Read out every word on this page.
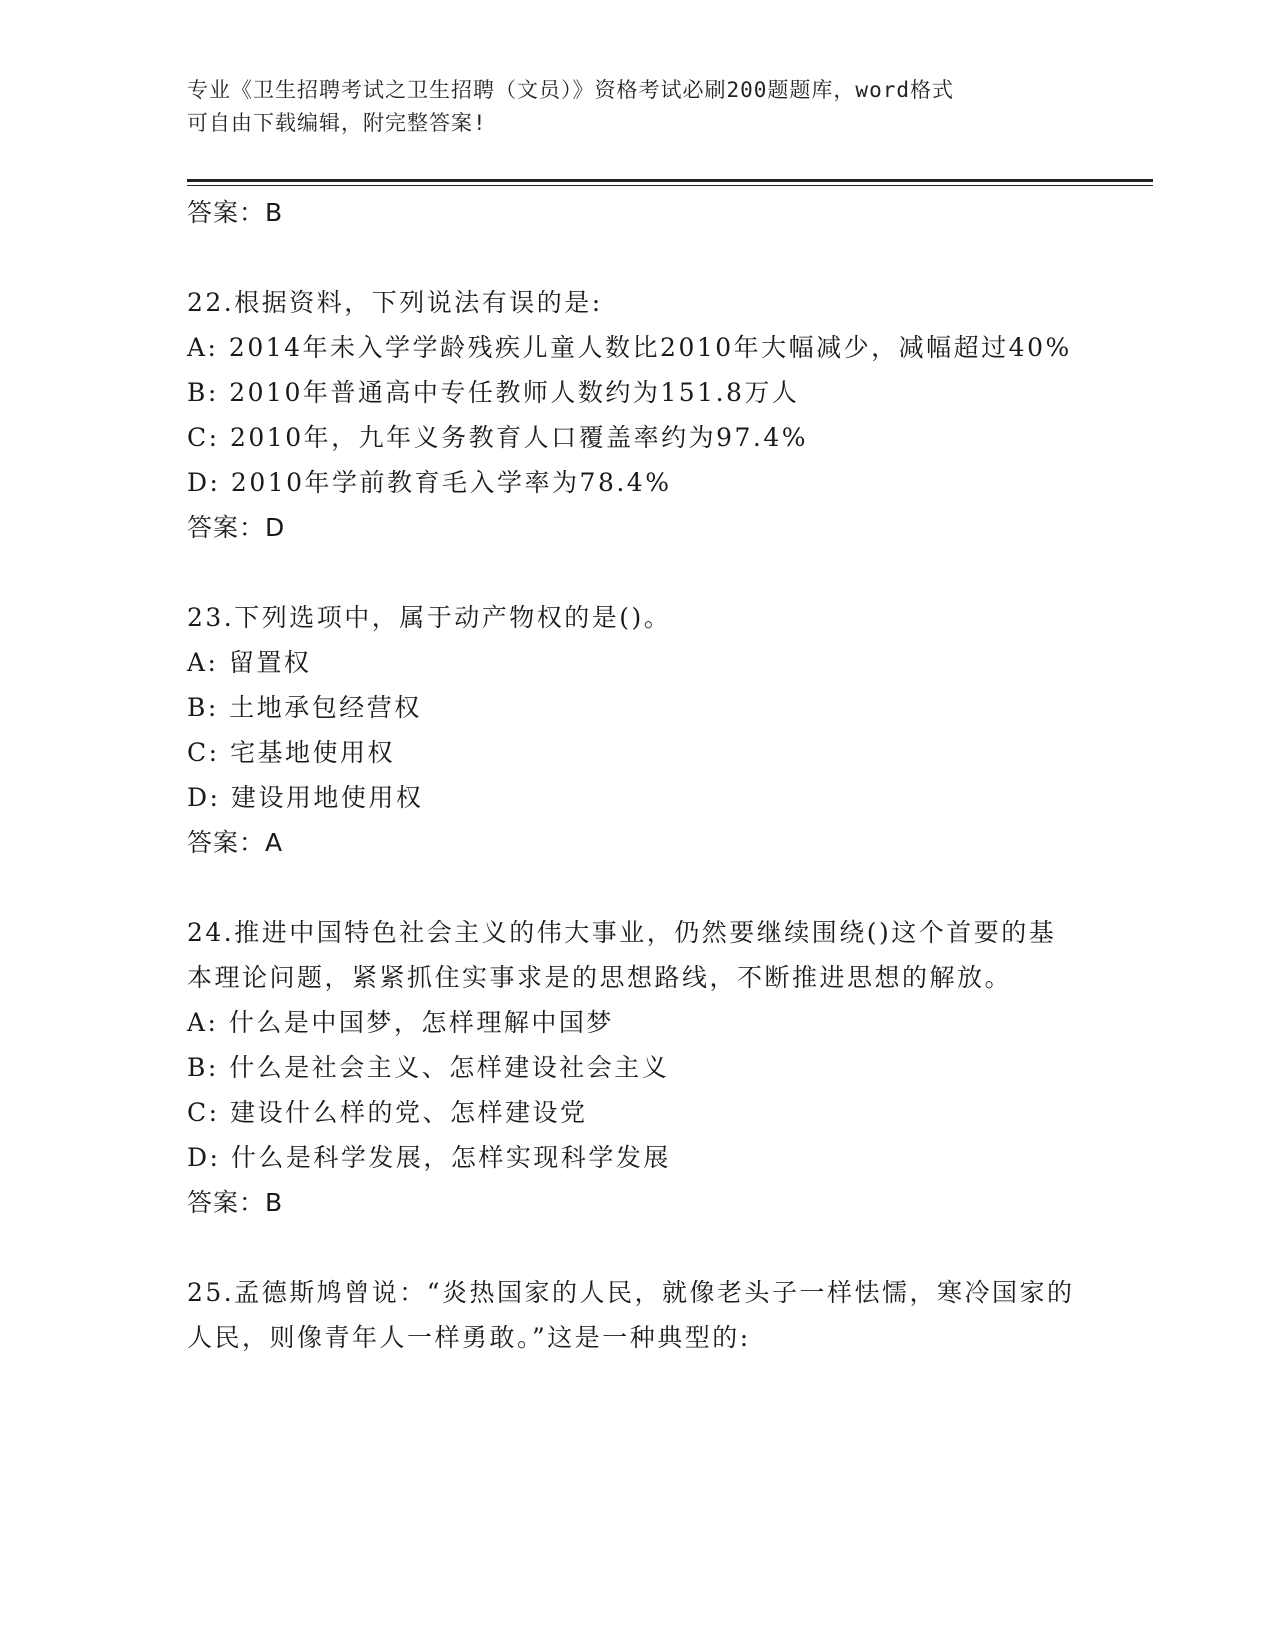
专业《卫生招聘考试之卫生招聘（文员）》资格考试必刷200题题库，word格式
可自由下载编辑，附完整答案!
答案：B
22.根据资料，下列说法有误的是:
A: 2014年未入学学龄残疾儿童人数比2010年大幅减少，减幅超过40%
B: 2010年普通高中专任教师人数约为151.8万人
C: 2010年，九年义务教育人口覆盖率约为97.4%
D: 2010年学前教育毛入学率为78.4%
答案：D
23.下列选项中，属于动产物权的是()。
A: 留置权
B: 土地承包经营权
C: 宅基地使用权
D: 建设用地使用权
答案：A
24.推进中国特色社会主义的伟大事业，仍然要继续围绕()这个首要的基本理论问题，紧紧抓住实事求是的思想路线，不断推进思想的解放。
A: 什么是中国梦，怎样理解中国梦
B: 什么是社会主义、怎样建设社会主义
C: 建设什么样的党、怎样建设党
D: 什么是科学发展，怎样实现科学发展
答案：B
25.孟德斯鸠曾说：“炎热国家的人民，就像老头子一样怯懦，寒冷国家的人民，则像青年人一样勇敢。”这是一种典型的:
